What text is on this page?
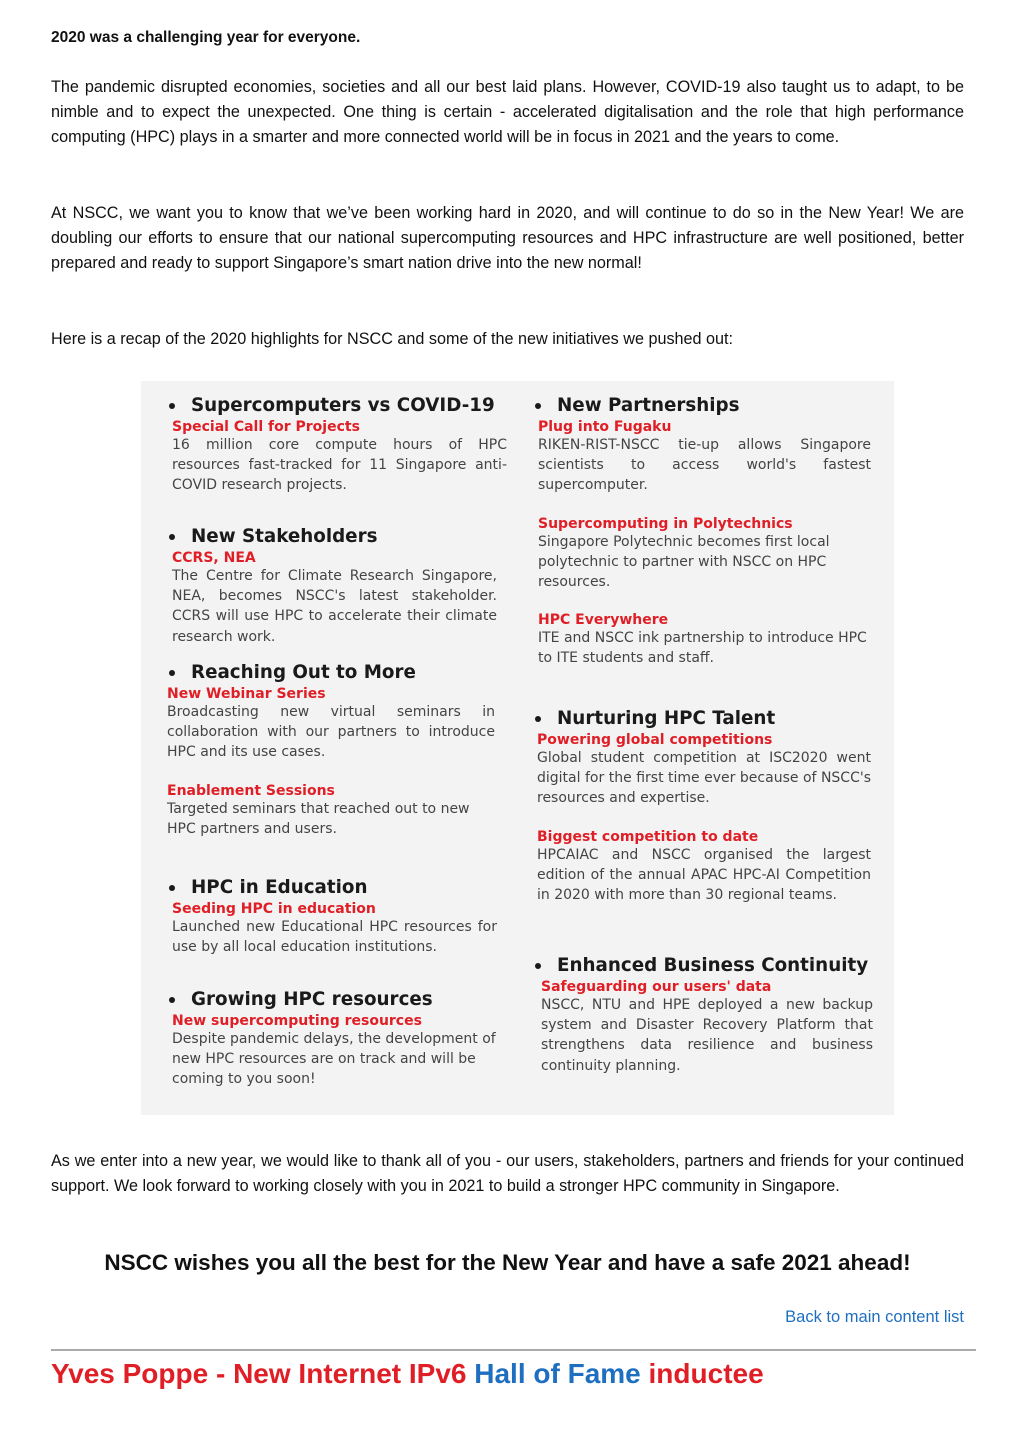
2020 was a challenging year for everyone.

The pandemic disrupted economies, societies and all our best laid plans. However, COVID-19 also taught us to adapt, to be nimble and to expect the unexpected. One thing is certain - accelerated digitalisation and the role that high performance computing (HPC) plays in a smarter and more connected world will be in focus in 2021 and the years to come.

At NSCC, we want you to know that we’ve been working hard in 2020, and will continue to do so in the New Year! We are doubling our efforts to ensure that our national supercomputing resources and HPC infrastructure are well positioned, better prepared and ready to support Singapore’s smart nation drive into the new normal!

Here is a recap of the 2020 highlights for NSCC and some of the new initiatives we pushed out:

As we enter into a new year, we would like to thank all of you - our users, stakeholders, partners and friends for your continued support. We look forward to working closely with you in 2021 to build a stronger HPC community in Singapore.

Supercomputers vs COVID-19
Special Call for Projects

16 million core compute hours of HPC resources fast-tracked for 11 Singapore anti-COVID research projects.

New Stakeholders
CCRS, NEA

The Centre for Climate Research Singapore, NEA, becomes NSCC's latest stakeholder. CCRS will use HPC to accelerate their climate research work.

Reaching Out to More
New Webinar Series

Broadcasting new virtual seminars in collaboration with our partners to introduce HPC and its use cases.

Enablement Sessions

Targeted seminars that reached out to new HPC partners and users.

HPC in Education
Seeding HPC in education

Launched new Educational HPC resources for use by all local education institutions.

Growing HPC resources
New supercomputing resources

Despite pandemic delays, the development of new HPC resources are on track and will be coming to you soon!

New Partnerships
Plug into Fugaku

RIKEN-RIST-NSCC tie-up allows Singapore scientists to access world's fastest supercomputer.

Supercomputing in Polytechnics

Singapore Polytechnic becomes first local polytechnic to partner with NSCC on HPC resources.

HPC Everywhere

ITE and NSCC ink partnership to introduce HPC to ITE students and staff.

Nurturing HPC Talent
Powering global competitions

Global student competition at ISC2020 went digital for the first time ever because of NSCC's resources and expertise.

Biggest competition to date

HPCAIAC and NSCC organised the largest edition of the annual APAC HPC-AI Competition in 2020 with more than 30 regional teams.

Enhanced Business Continuity
Safeguarding our users' data

NSCC, NTU and HPE deployed a new backup system and Disaster Recovery Platform that strengthens data resilience and business continuity planning.

NSCC wishes you all the best for the New Year and have a safe 2021 ahead!
Back to main content list
Yves Poppe - New Internet IPv6 Hall of Fame inductee
